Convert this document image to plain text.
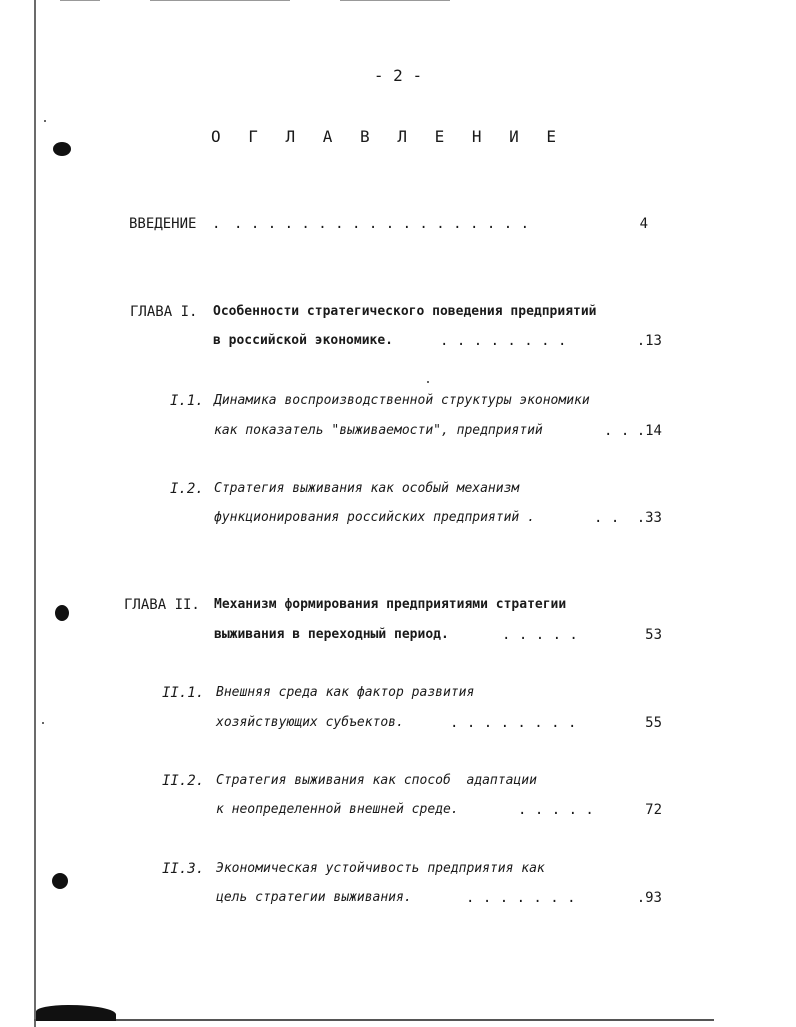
- 2 -
О Г Л А В Л Е Н И Е
ВВЕДЕНИЕ . . . . . . . . . . . . . . . . . . .	4
ГЛАВА I. Особенности стратегического поведения предприятий
в российской экономике.	. . . . . . . .	.13
I.1. Динамика воспроизводственной структуры экономики
как показатель "выживаемости", предприятий	. . .14
I.2. Стратегия выживания как особый механизм
функционирования российских предприятий .	. .	.33
ГЛАВА II. Механизм формирования предприятиями стратегии
выживания в переходный период.	. . . . .	53
II.1. Внешняя среда как фактор развития
хозяйствующих субъектов.	. . . . . . . .	55
II.2. Стратегия выживания как способ  адаптации
к неопределенной внешней среде.	. . . . .	72
II.3. Экономическая устойчивость предприятия как
цель стратегии выживания.	. . . . . . .	.93
